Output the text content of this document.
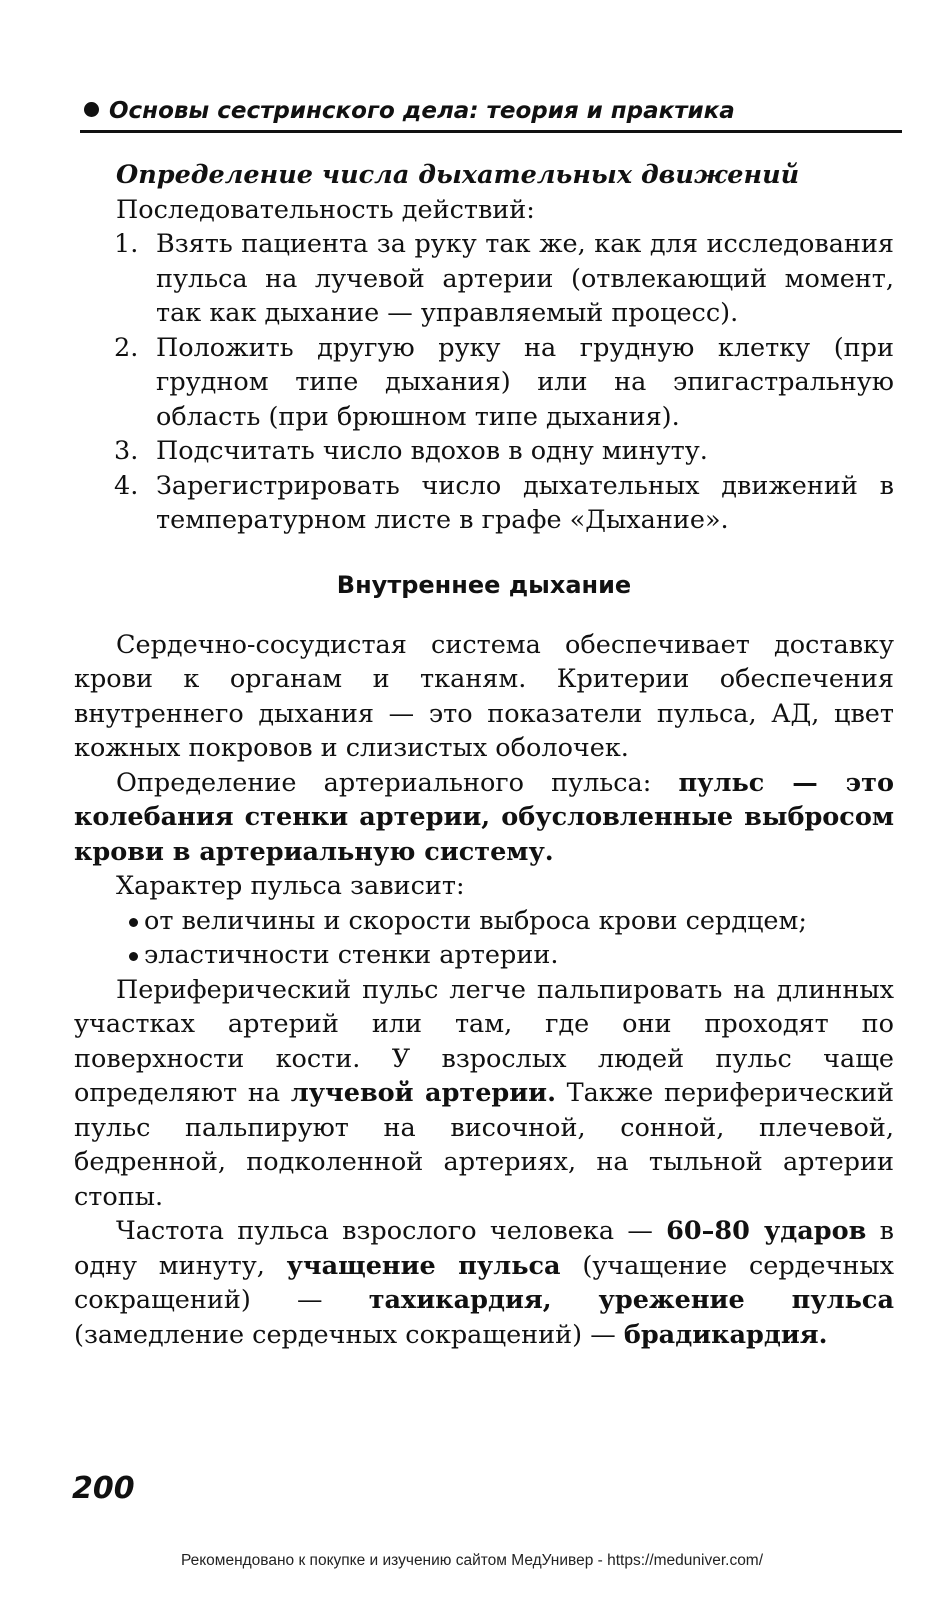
Основы сестринского дела: теория и практика
Определение числа дыхательных движений
Последовательность действий:
1. Взять пациента за руку так же, как для исследования пульса на лучевой артерии (отвлекающий момент, так как дыхание — управляемый процесс).
2. Положить другую руку на грудную клетку (при грудном типе дыхания) или на эпигастральную область (при брюшном типе дыхания).
3. Подсчитать число вдохов в одну минуту.
4. Зарегистрировать число дыхательных движений в температурном листе в графе «Дыхание».
Внутреннее дыхание

Сердечно-сосудистая система обеспечивает доставку крови к органам и тканям. Критерии обеспечения внутреннего дыхания — это показатели пульса, АД, цвет кожных покровов и слизистых оболочек.

Определение артериального пульса: пульс — это колебания стенки артерии, обусловленные выбросом крови в артериальную систему.

Характер пульса зависит:

от величины и скорости выброса крови сердцем;
эластичности стенки артерии.

Периферический пульс легче пальпировать на длинных участках артерий или там, где они проходят по поверхности кости. У взрослых людей пульс чаще определяют на лучевой артерии. Также периферический пульс пальпируют на височной, сонной, плечевой, бедренной, подколенной артериях, на тыльной артерии стопы.

Частота пульса взрослого человека — 60–80 ударов в одну минуту, учащение пульса (учащение сердечных сокращений) — тахикардия, урежение пульса (замедление сердечных сокращений) — брадикардия.

200
Рекомендовано к покупке и изучению сайтом МедУнивер - https://meduniver.com/
